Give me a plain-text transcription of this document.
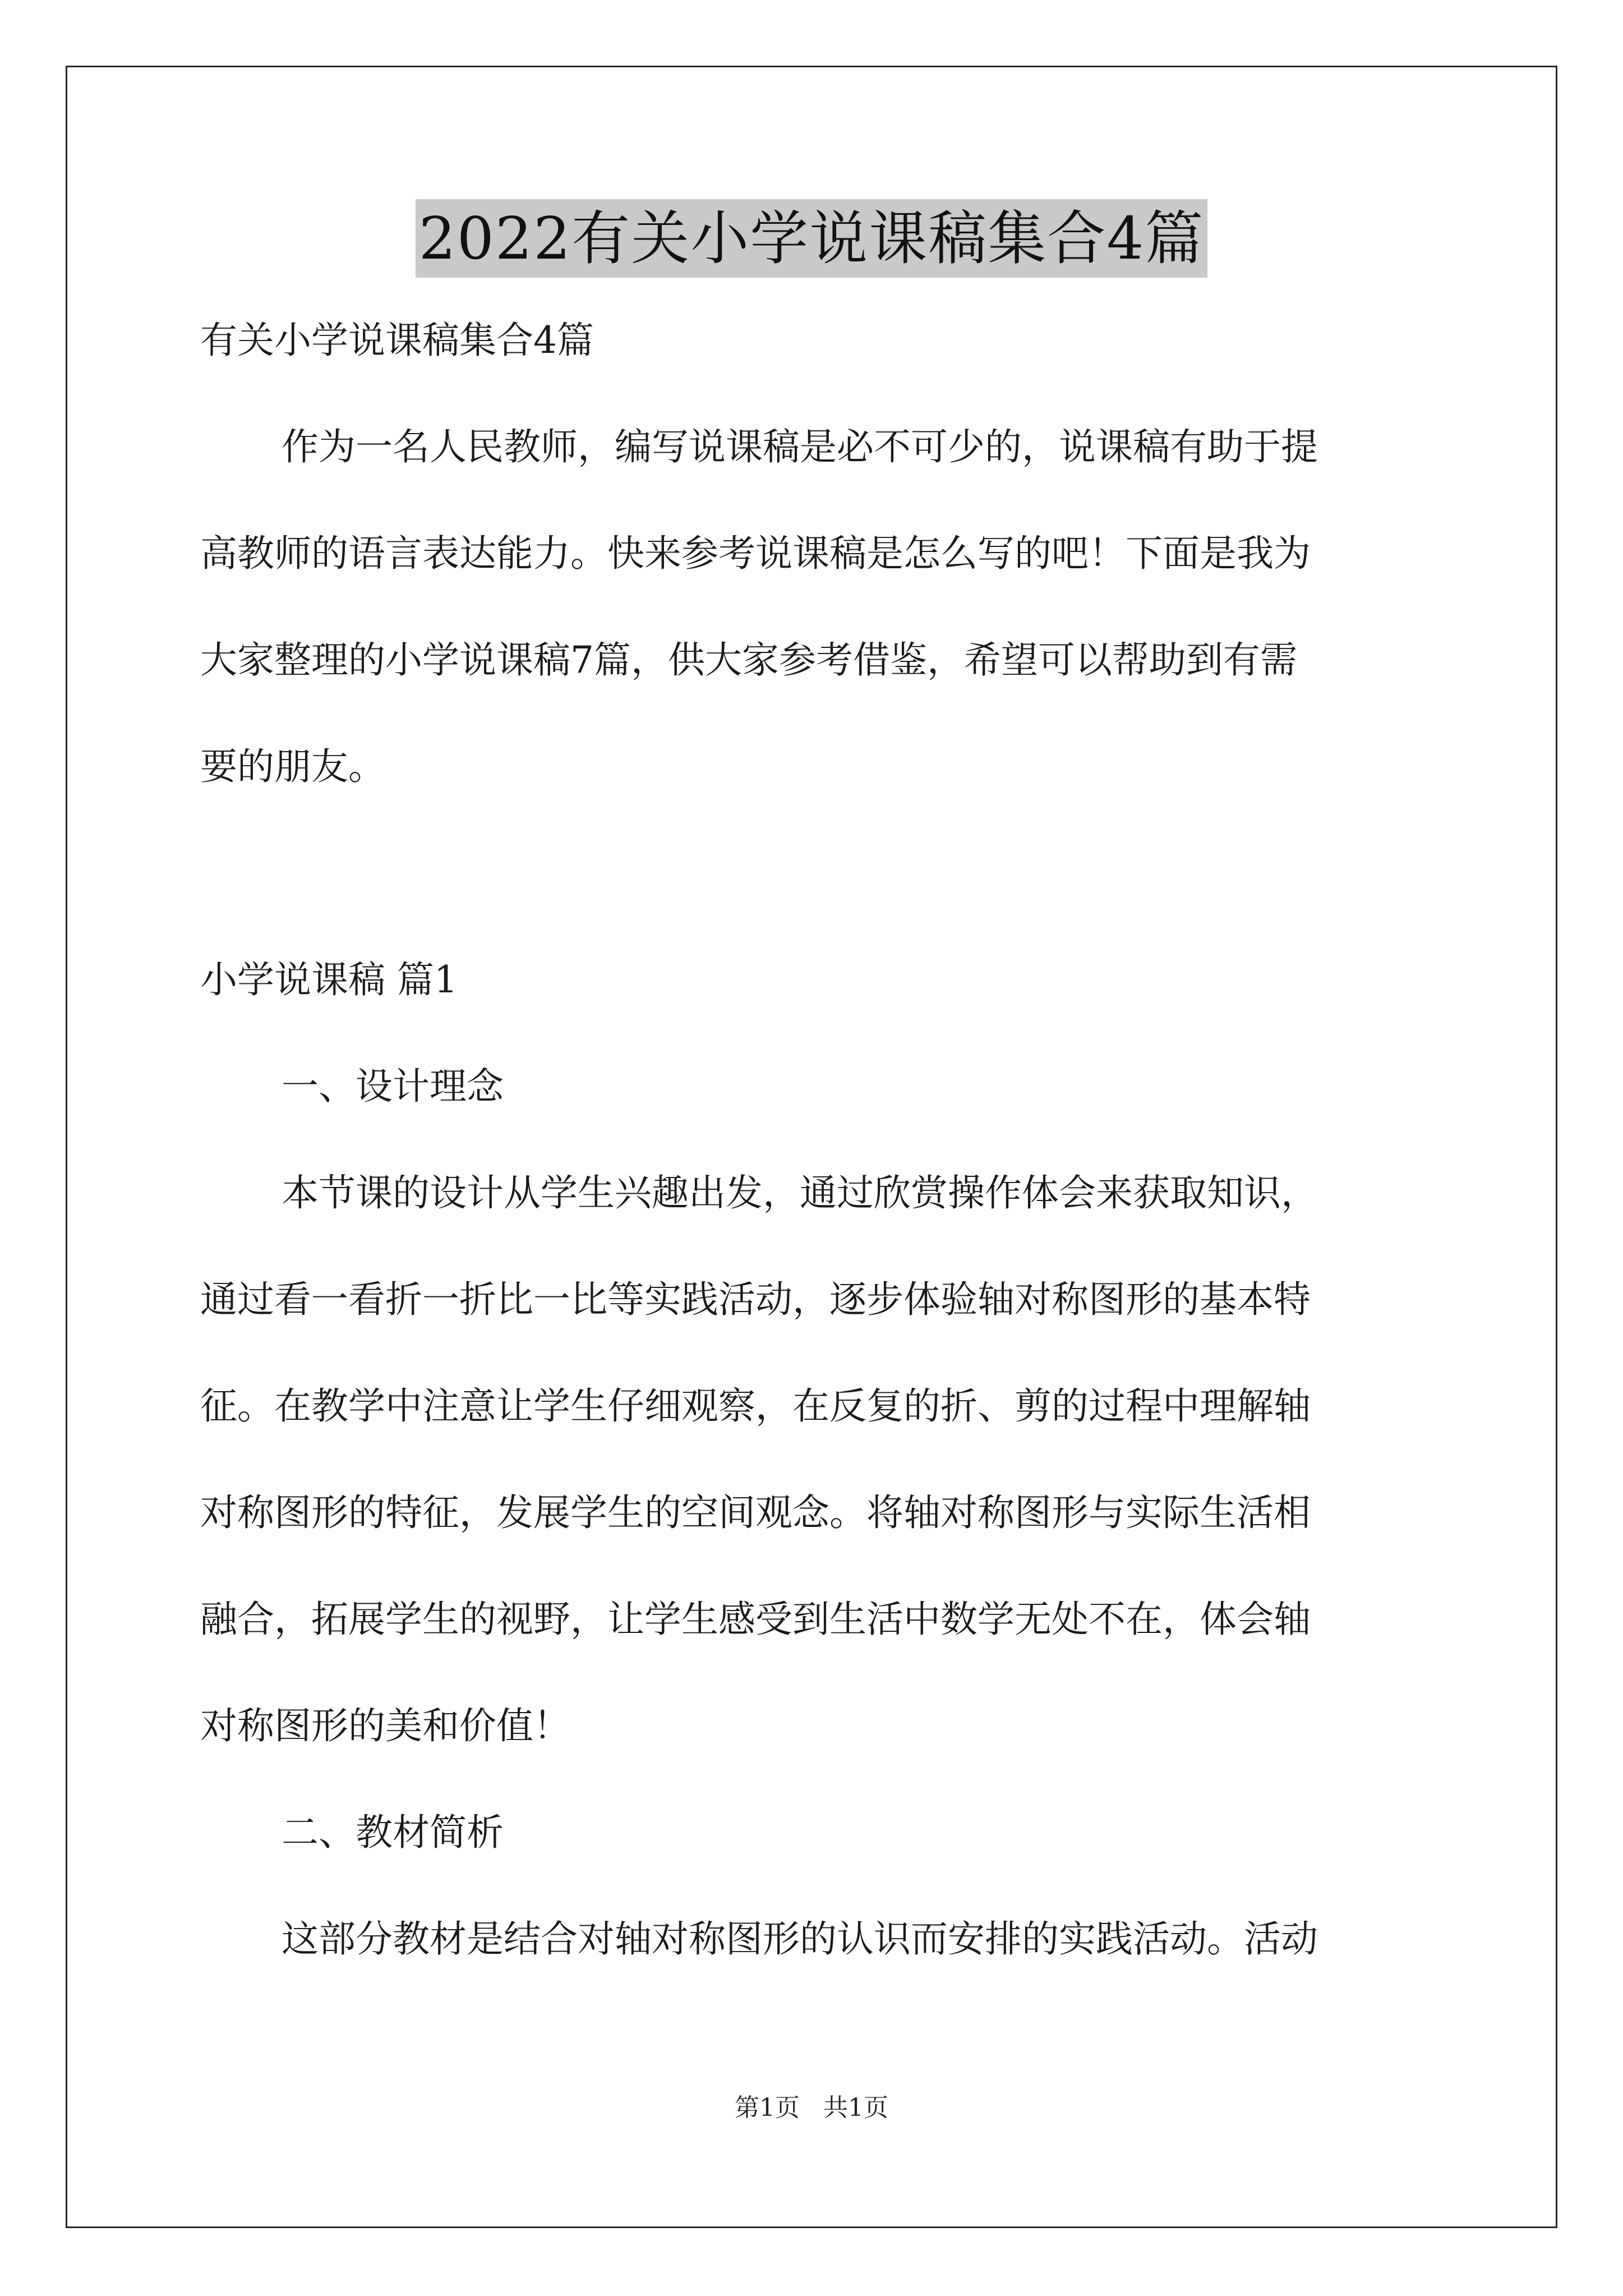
2022有关小学说课稿集合4篇
有关小学说课稿集合4篇
作为一名人民教师，编写说课稿是必不可少的，说课稿有助于提
高教师的语言表达能力。快来参考说课稿是怎么写的吧！下面是我为
大家整理的小学说课稿7篇，供大家参考借鉴，希望可以帮助到有需
要的朋友。
小学说课稿 篇1
一、设计理念
本节课的设计从学生兴趣出发，通过欣赏操作体会来获取知识，
通过看一看折一折比一比等实践活动，逐步体验轴对称图形的基本特
征。在教学中注意让学生仔细观察，在反复的折、剪的过程中理解轴
对称图形的特征，发展学生的空间观念。将轴对称图形与实际生活相
融合，拓展学生的视野，让学生感受到生活中数学无处不在，体会轴
对称图形的美和价值！
二、教材简析
这部分教材是结合对轴对称图形的认识而安排的实践活动。活动
第1页   共1页
